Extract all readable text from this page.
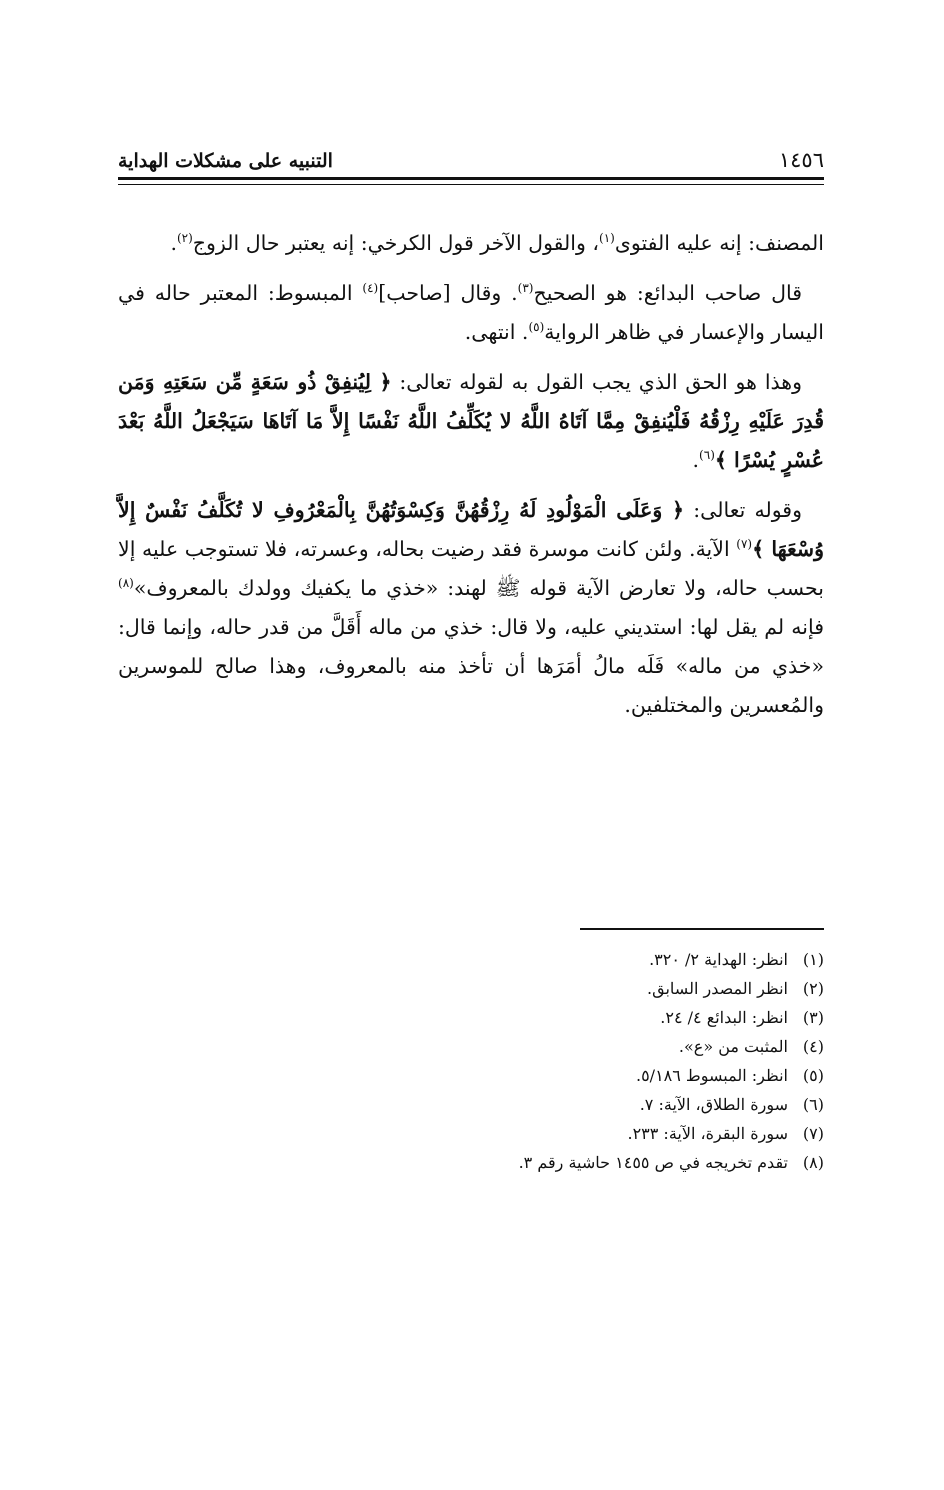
١٤٥٦
التنبيه على مشكلات الهداية

المصنف: إنه عليه الفتوى$^{(١)}$، والقول الآخر قول الكرخي: إنه يعتبر حال الزوج$^{(٢)}$.

قال صاحب البدائع: هو الصحيح$^{(٣)}$. وقال [صاحب]$^{(٤)}$ المبسوط: المعتبر حاله في اليسار والإعسار في ظاهر الرواية$^{(٥)}$. انتهى.

وهذا هو الحق الذي يجب القول به لقوله تعالى: ﴿ لِيُنفِقْ ذُو سَعَةٍ مِّن سَعَتِهِ وَمَن قُدِرَ عَلَيْهِ رِزْقُهُ فَلْيُنفِقْ مِمَّا آتَاهُ اللَّهُ لا يُكَلِّفُ اللَّهُ نَفْسًا إِلاَّ مَا آتَاهَا سَيَجْعَلُ اللَّهُ بَعْدَ عُسْرٍ يُسْرًا ﴾$^{(٦)}$.

وقوله تعالى: ﴿ وَعَلَى الْمَوْلُودِ لَهُ رِزْقُهُنَّ وَكِسْوَتُهُنَّ بِالْمَعْرُوفِ لا تُكَلَّفُ نَفْسٌ إِلاَّ وُسْعَهَا ﴾$^{(٧)}$ الآية. ولئن كانت موسرة فقد رضيت بحاله، وعسرته، فلا تستوجب عليه إلا بحسب حاله، ولا تعارض الآية قوله ﷺ لهند: «خذي ما يكفيك وولدك بالمعروف»$^{(٨)}$ فإنه لم يقل لها: استديني عليه، ولا قال: خذي من ماله أَقَلَّ من قدر حاله، وإنما قال: «خذي من ماله» فَلَه مالُ أمَرَها أن تأخذ منه بالمعروف، وهذا صالح للموسرين والمُعسرين والمختلفين.

(١)
انظر: الهداية ٢/ ٣٢٠.
(٢)
انظر المصدر السابق.
(٣)
انظر: البدائع ٤/ ٢٤.
(٤)
المثبت من «ع».
(٥)
انظر: المبسوط ٥/١٨٦.
(٦)
سورة الطلاق، الآية: ٧.
(٧)
سورة البقرة، الآية: ٢٣٣.
(٨)
تقدم تخريجه في ص ١٤٥٥ حاشية رقم ٣.
